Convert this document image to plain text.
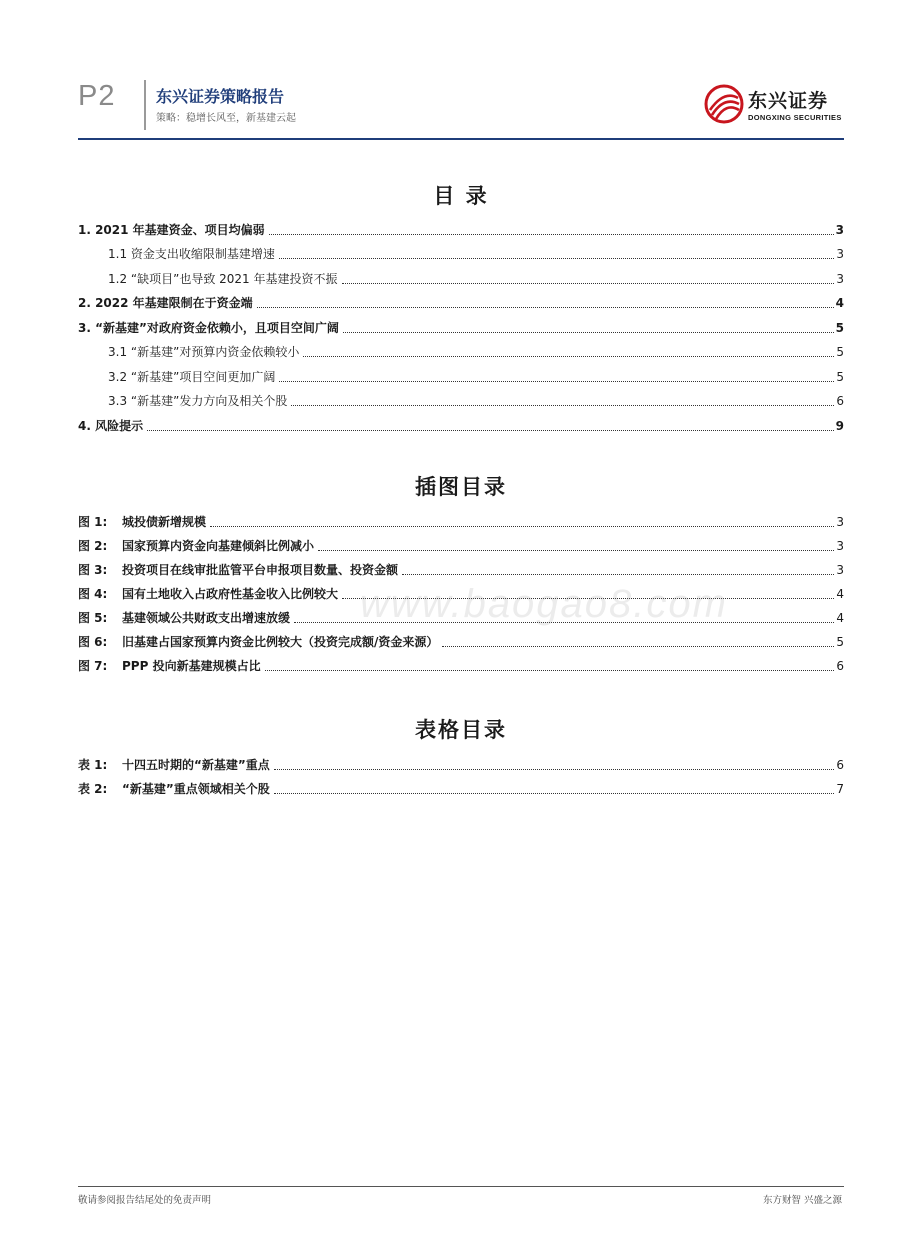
P2	东兴证券策略报告
策略：稳增长风至，新基建云起
东兴证券
DONGXING SECURITIES
目 录
1. 2021 年基建资金、项目均偏弱	3
1.1 资金支出收缩限制基建增速	3
1.2 “缺项目”也导致 2021 年基建投资不振	3
2. 2022 年基建限制在于资金端	4
3. “新基建”对政府资金依赖小，且项目空间广阔	5
3.1 “新基建”对预算内资金依赖较小	5
3.2 “新基建”项目空间更加广阔	5
3.3 “新基建”发力方向及相关个股	6
4. 风险提示	9
插图目录
图 1:	城投债新增规模	3
图 2:	国家预算内资金向基建倾斜比例减小	3
图 3:	投资项目在线审批监管平台申报项目数量、投资金额	3
图 4:	国有土地收入占政府性基金收入比例较大	4
图 5:	基建领域公共财政支出增速放缓	4
图 6:	旧基建占国家预算内资金比例较大（投资完成额/资金来源）	5
图 7:	PPP 投向新基建规模占比	6
www.baogao8.com
表格目录
表 1:	十四五时期的“新基建”重点	6
表 2:	“新基建”重点领域相关个股	7
敬请参阅报告结尾处的免责声明	东方财智 兴盛之源
